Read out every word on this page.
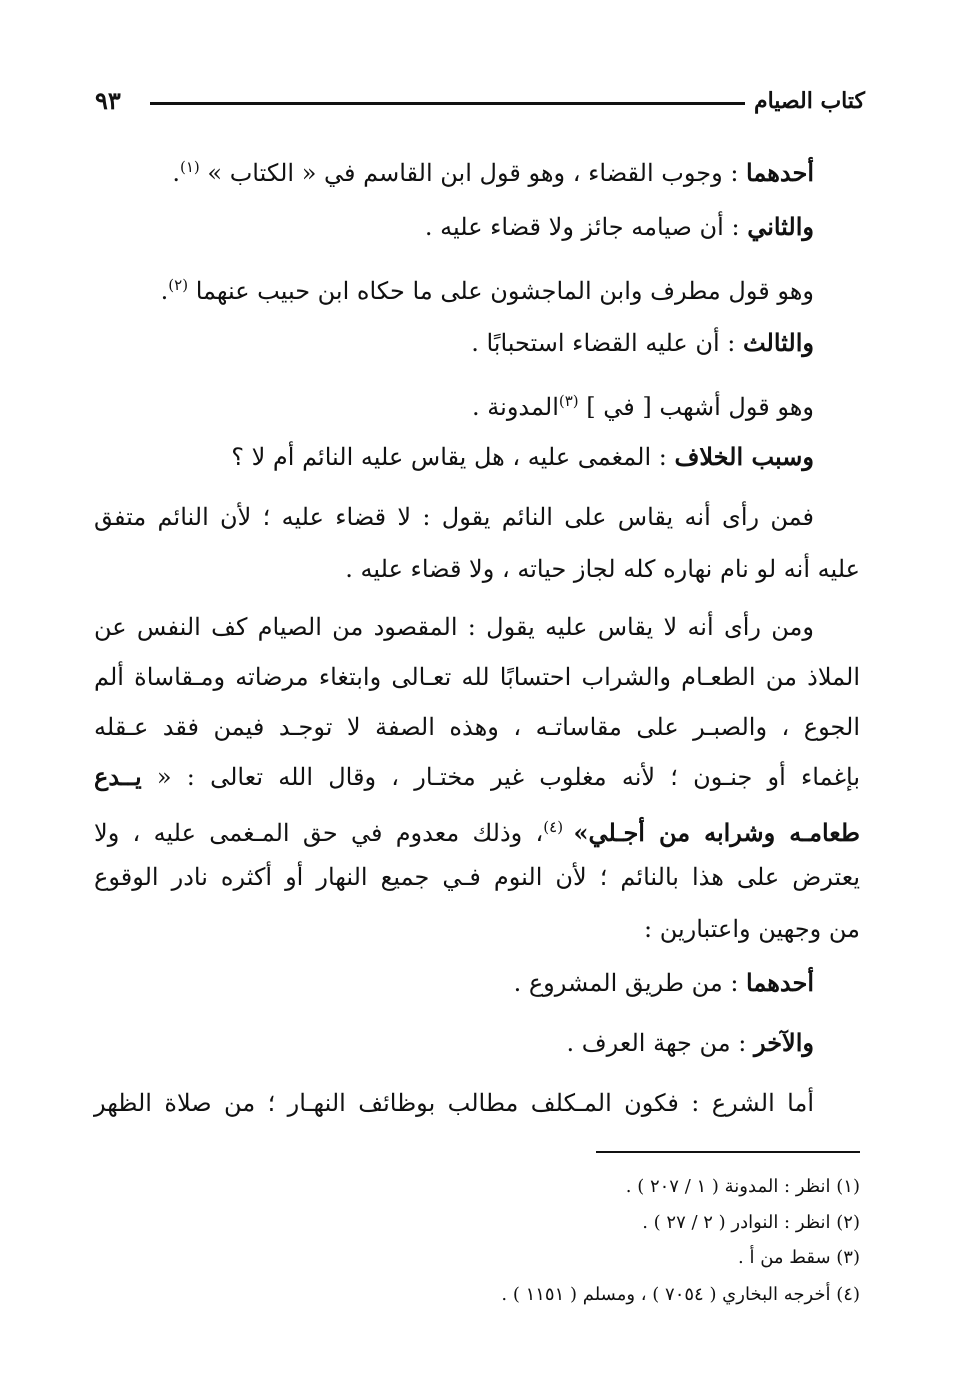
كتاب الصيام
٩٣
أحدهما : وجوب القضاء ، وهو قول ابن القاسم في « الكتاب » $^{(١)}$.
والثاني : أن صيامه جائز ولا قضاء عليه .
وهو قول مطرف وابن الماجشون على ما حكاه ابن حبيب عنهما $^{(٢)}$.
والثالث : أن عليه القضاء استحبابًا .
وهو قول أشهب [ في ] $^{(٣)}$المدونة .
وسبب الخلاف : المغمى عليه ، هل يقاس عليه النائم أم لا ؟
فمن رأى أنه يقاس على النائم يقول : لا قضاء عليه ؛ لأن النائم متفق
عليه أنه لو نام نهاره كله لجاز حياته ، ولا قضاء عليه .
ومن رأى أنه لا يقاس عليه يقول : المقصود من الصيام كف النفس عن
الملاذ من الطعـام والشراب احتسابًا لله تعـالى وابتغاء مرضاته ومـقاساة ألم
الجوع ، والصبـر على مقاساتـه ، وهذه الصفة لا توجـد فيمن فقد عـقله
بإغماء أو جنـون ؛ لأنه مغلوب غير مختـار ، وقال الله تعالى : « يــدع
طعامـه وشرابه من أجـلي» $^{(٤)}$، وذلك معدوم في حق المـغمى عليه ، ولا
يعترض على هذا بالنائم ؛ لأن النوم فـي جميع النهار أو أكثره نادر الوقوع
من وجهين واعتبارين :
أحدهما : من طريق المشروع .
والآخر : من جهة العرف .
أما الشرع : فكون المـكلف مطالب بوظائف النهـار ؛ من صلاة الظهر
(١) انظر : المدونة ( ١ / ٢٠٧ ) .
(٢) انظر : النوادر ( ٢ / ٢٧ ) .
(٣) سقط من أ .
(٤) أخرجه البخاري ( ٧٠٥٤ ) ، ومسلم ( ١١٥١ ) .
